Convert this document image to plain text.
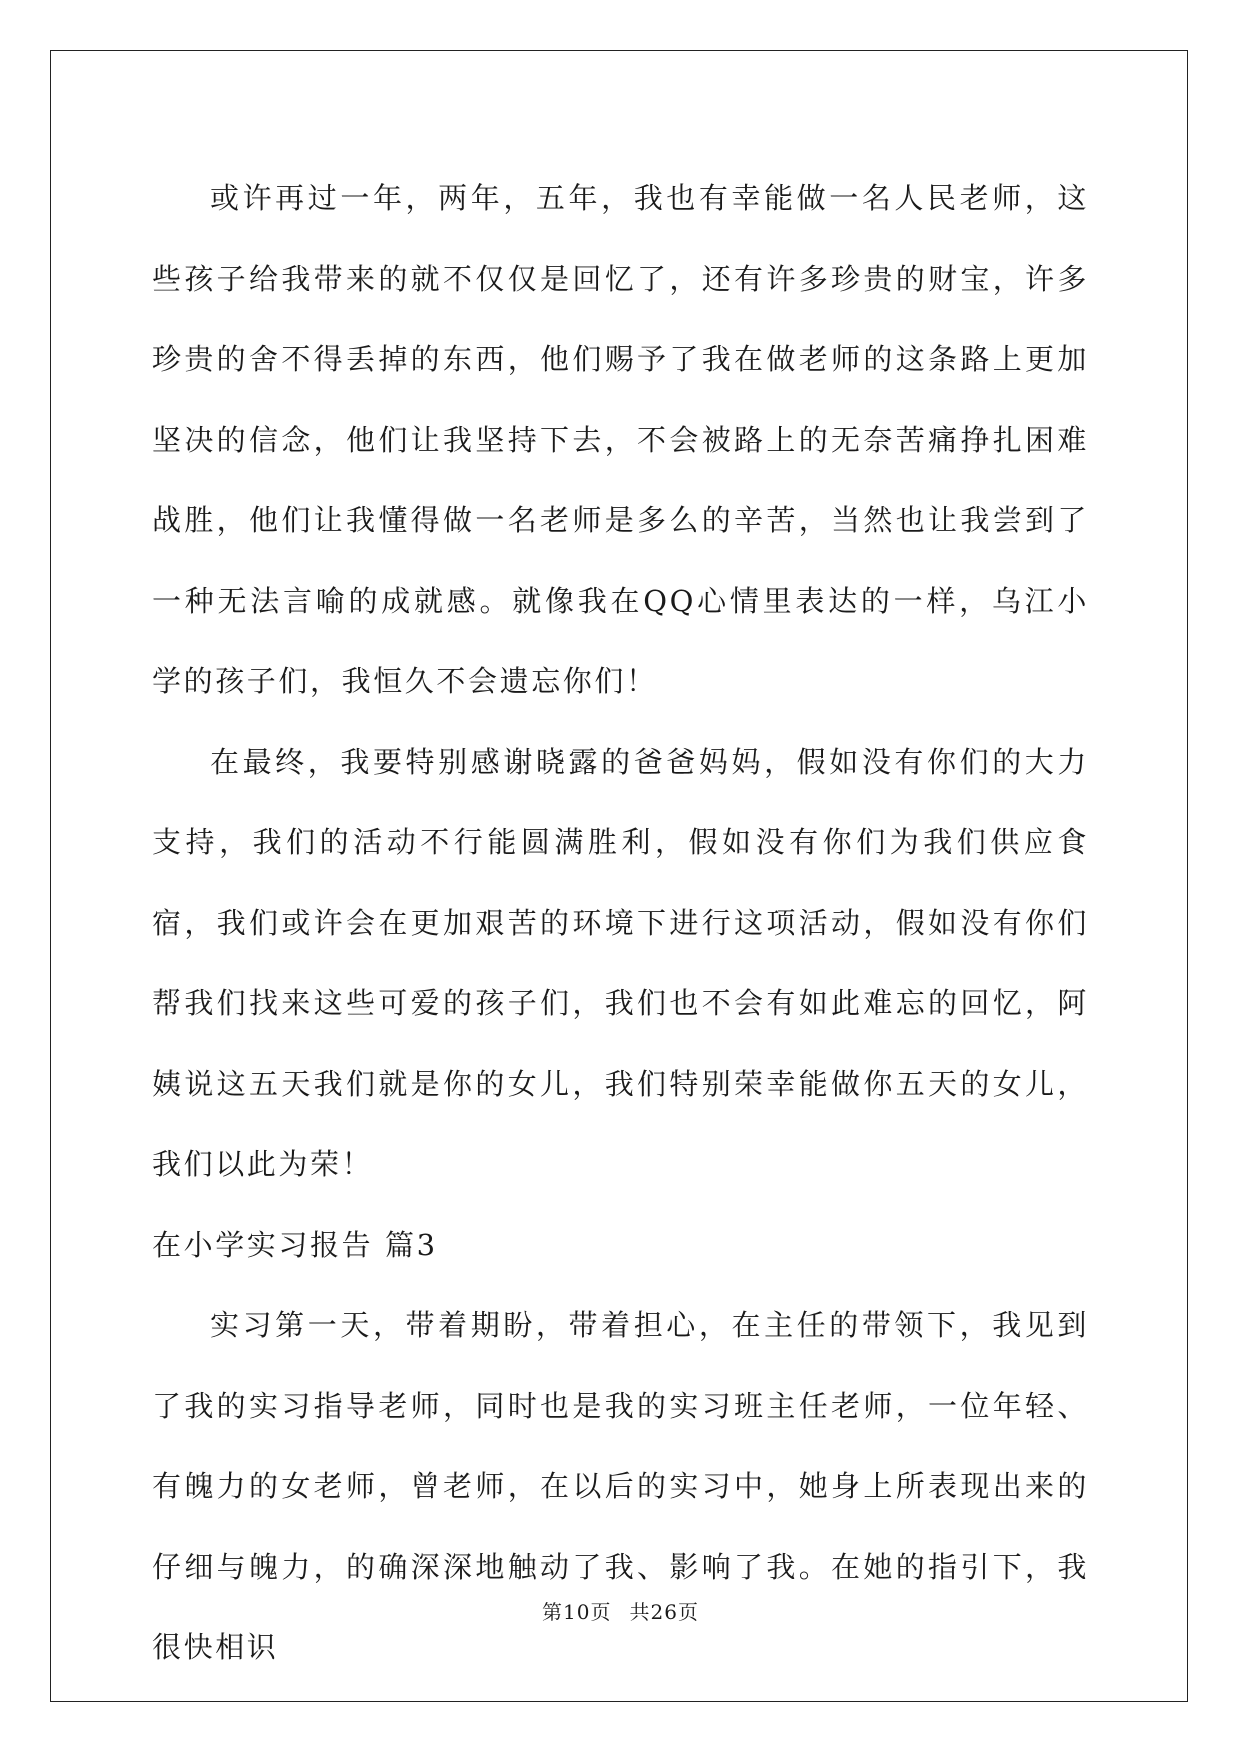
或许再过一年，两年，五年，我也有幸能做一名人民老师，这些孩子给我带来的就不仅仅是回忆了，还有许多珍贵的财宝，许多珍贵的舍不得丢掉的东西，他们赐予了我在做老师的这条路上更加坚决的信念，他们让我坚持下去，不会被路上的无奈苦痛挣扎困难战胜，他们让我懂得做一名老师是多么的辛苦，当然也让我尝到了一种无法言喻的成就感。就像我在QQ心情里表达的一样，乌江小学的孩子们，我恒久不会遗忘你们！

在最终，我要特别感谢晓露的爸爸妈妈，假如没有你们的大力支持，我们的活动不行能圆满胜利，假如没有你们为我们供应食宿，我们或许会在更加艰苦的环境下进行这项活动，假如没有你们帮我们找来这些可爱的孩子们，我们也不会有如此难忘的回忆，阿姨说这五天我们就是你的女儿，我们特别荣幸能做你五天的女儿，我们以此为荣！

在小学实习报告 篇3

实习第一天，带着期盼，带着担心，在主任的带领下，我见到了我的实习指导老师，同时也是我的实习班主任老师，一位年轻、有魄力的女老师，曾老师，在以后的实习中，她身上所表现出来的仔细与魄力，的确深深地触动了我、影响了我。在她的指引下，我很快相识

第10页 共26页
